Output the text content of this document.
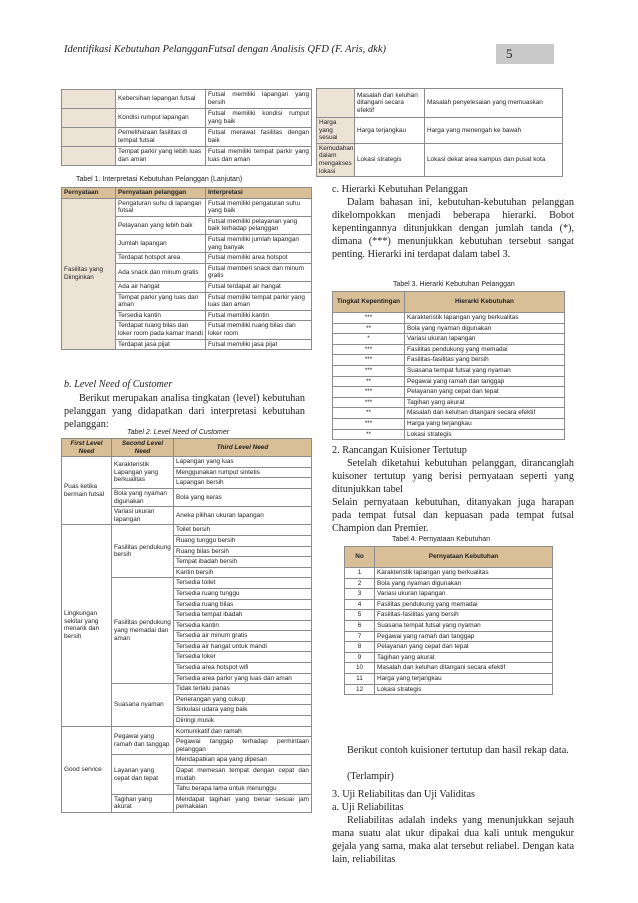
Identifikasi Kebutuhan PelangganFutsal dengan Analisis QFD (F. Aris, dkk)	5
	Kebersihan lapangan futsal	Futsal memiliki lapangan yang bersih
	Kondisi rumput lapangan	Futsal memiliki kondisi rumput yang baik
	Pemeliharaan fasilitas di tempat futsal	Futsal merawat fasilitas dengan baik
	Tempat parkir yang lebih luas dan aman	Futsal memiliki tempat parkir yang luas dan aman
Tabel 1. Interpretasi Kebutuhan Pelanggan (Lanjutan)
Pernyataan	Pernyataan pelanggan	Interpretasi
Fasilitas yang Diinginkan	Pengaturan suhu di lapangan futsal	Futsal memiliki pengaturan suhu yang baik
	Pelayanan yang lebih baik	Futsal memiliki pelayanan yang baik terhadap pelanggan
	Jumlah lapangan	Futsal memiliki jumlah lapangan yang banyak
	Terdapat hotspot area	Futsal memiliki area hotspot
	Ada snack dan minum gratis	Futsal memberi snack dan minum gratis
	Ada air hangat	Futsal terdapat air hangat
	Tempat parkir yang luas dan aman	Futsal memiliki tempat parkir yang luas dan aman
	Tersedia kantin	Futsal memiliki kantin
	Terdapat ruang bilas dan loker room pada kamar mandi	Futsal memiliki ruang bilas dan loker room
	Terdapat jasa pijat	Futsal memiliki jasa pijat
b. Level Need of Customer
Berikut merupakan analisa tingkatan (level) kebutuhan pelanggan yang didapatkan dari interpretasi kebutuhan pelanggan:
Tabel 2. Level Need of Customer
First Level Need	Second Level Need	Third Level Need
Puas ketika bermain futsal	Karakteristik Lapangan yang berkualitas	Lapangan yang luas
		Menggunakan rumput sintetis
		Lapangan bersih
	Bola yang nyaman digunakan	Bola yang keras
	Variasi ukuran lapangan	Aneka pilihan ukuran lapangan
Lingkungan sekitar yang menarik dan bersih	Fasilitas pendukung bersih	Toilet bersih
		Ruang tunggu bersih
		Ruang bilas bersih
		Tempat ibadah bersih
		Kantin bersih
	Fasilitas pendukung yang memadai dan aman	Tersedia toilet
		Tersedia ruang tunggu
		Tersedia ruang bilas
		Tersedia tempat ibadah
		Tersedia kantin
		Tersedia air minum gratis
		Tersedia air hangat untuk mandi
		Tersedia loker
		Tersedia area hotspot wifi
		Tersedia area parkir yang luas dan aman
	Suasana nyaman	Tidak terlalu panas
		Penerangan yang cukup
		Sirkulasi udara yang baik
		Diiringi musik
Good service	Pegawai yang ramah dan tanggap	Komunikatif dan ramah
		Pegawai tanggap terhadap permintaan pelanggan
	Layanan yang cepat dan tepat	Mendapatkan apa yang dipesan
		Dapat memesan tempat dengan cepat dan mudah
		Tahu berapa lama untuk menunggu
	Tagihan yang akurat	Mendapat tagihan yang benar sesuai jam pemakaian
	Masalah dan keluhan ditangani secara efektif	Masalah penyelesaian yang memuaskan
Harga yang sesuai	Harga terjangkau	Harga yang menengah ke bawah
Kemudahan dalam mengakses lokasi	Lokasi strategis	Lokasi dekat area kampus dan pusat kota
c. Hierarki Kebutuhan Pelanggan
Dalam bahasan ini, kebutuhan-kebutuhan pelanggan dikelompokkan menjadi beberapa hierarki. Bobot kepentingannya ditunjukkan dengan jumlah tanda (*), dimana (***) menunjukkan kebutuhan tersebut sangat penting. Hierarki ini terdapat dalam tabel 3.
Tabel 3. Hierarki Kebutuhan Pelanggan
Tingkat Kepentingan	Hierarki Kebutuhan
***	Karakteristik lapangan yang berkualitas
**	Bola yang nyaman digunakan
*	Variasi ukuran lapangan
***	Fasilitas pendukung yang memadai
***	Fasilitas-fasilitas yang bersih
***	Suasana tempat futsal yang nyaman
**	Pegawai yang ramah dan tanggap
***	Pelayanan yang cepat dan tepat
***	Tagihan yang akurat
**	Masalah dan keluhan ditangani secara efektif
***	Harga yang terjangkau
**	Lokasi strategis
2. Rancangan Kuisioner Tertutup
Setelah diketahui kebutuhan pelanggan, dirancanglah kuisoner tertutup yang berisi pernyataan seperti yang ditunjukkan tabel
Selain pernyataan kebutuhan, ditanyakan juga harapan pada tempat futsal dan kepuasan pada tempat futsal Champion dan Premier.
Tabel 4. Pernyataan Kebutuhan
No	Pernyataan Kebutuhan
1	Karakteristik lapangan yang berkualitas
2	Bola yang nyaman digunakan
3	Variasi ukuran lapangan
4	Fasilitas pendukung yang memadai
5	Fasilitas-fasilitas yang bersih
6	Suasana tempat futsal yang nyaman
7	Pegawai yang ramah dan tanggap
8	Pelayanan yang cepat dan tepat
9	Tagihan yang akurat
10	Masalah dan keluhan ditangani secara efektif
11	Harga yang terjangkau
12	Lokasi strategis
Berikut contoh kuisioner tertutup dan hasil rekap data.
(Terlampir)
3. Uji Reliabilitas dan Uji Validitas
a. Uji Reliabilitas
Reliabilitas adalah indeks yang menunjukkan sejauh mana suatu alat ukur dipakai dua kali untuk mengukur gejala yang sama, maka alat tersebut reliabel. Dengan kata lain, reliabilitas
